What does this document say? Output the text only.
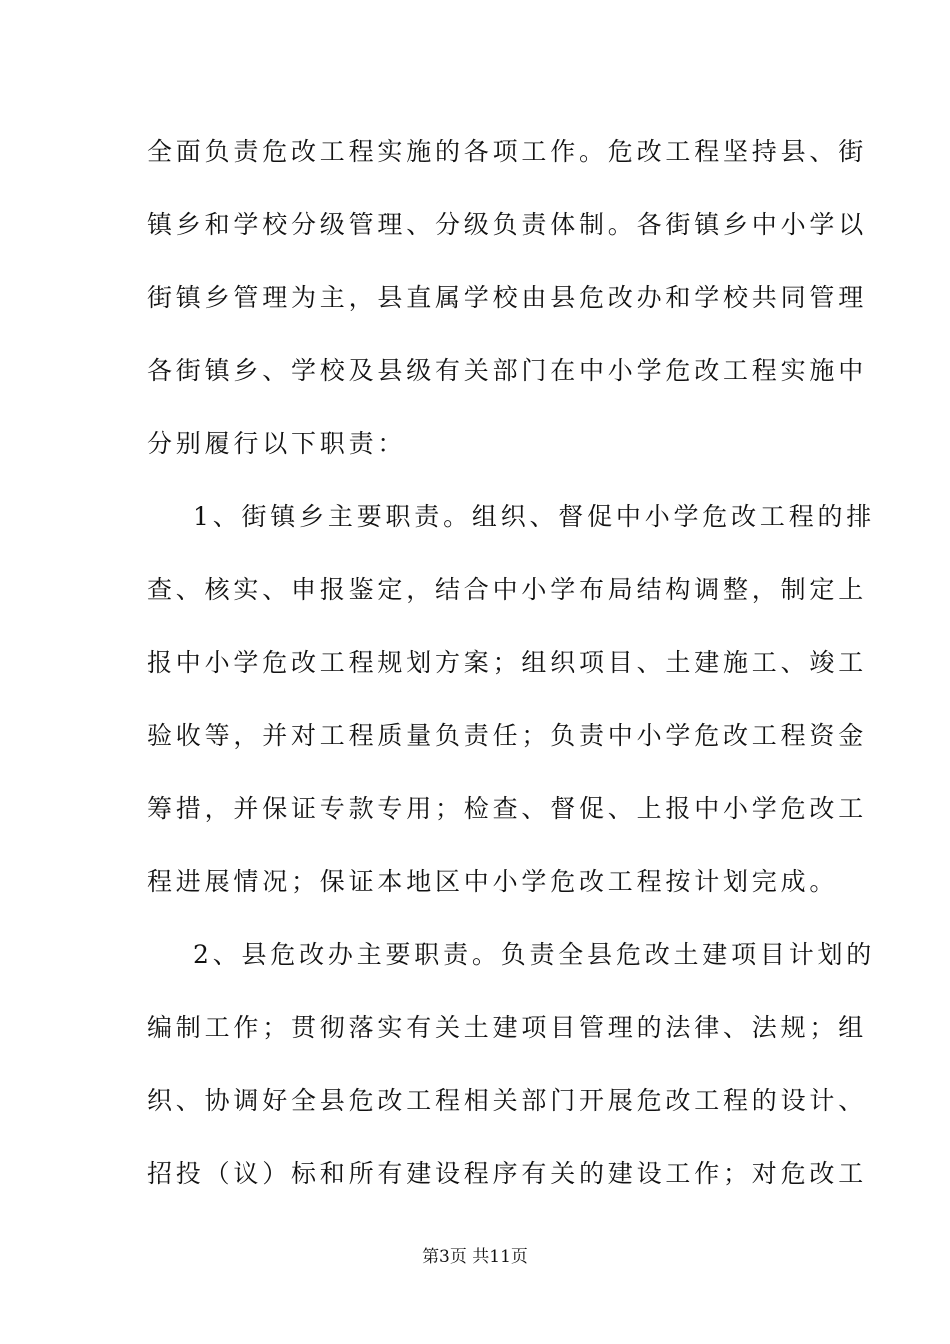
全面负责危改工程实施的各项工作。危改工程坚持县、街
镇乡和学校分级管理、分级负责体制。各街镇乡中小学以
街镇乡管理为主，县直属学校由县危改办和学校共同管理
各街镇乡、学校及县级有关部门在中小学危改工程实施中
分别履行以下职责：
1、街镇乡主要职责。组织、督促中小学危改工程的排
查、核实、申报鉴定，结合中小学布局结构调整，制定上
报中小学危改工程规划方案；组织项目、土建施工、竣工
验收等，并对工程质量负责任；负责中小学危改工程资金
筹措，并保证专款专用；检查、督促、上报中小学危改工
程进展情况；保证本地区中小学危改工程按计划完成。
2、县危改办主要职责。负责全县危改土建项目计划的
编制工作；贯彻落实有关土建项目管理的法律、法规；组
织、协调好全县危改工程相关部门开展危改工程的设计、
招投（议）标和所有建设程序有关的建设工作；对危改工
第3页 共11页
